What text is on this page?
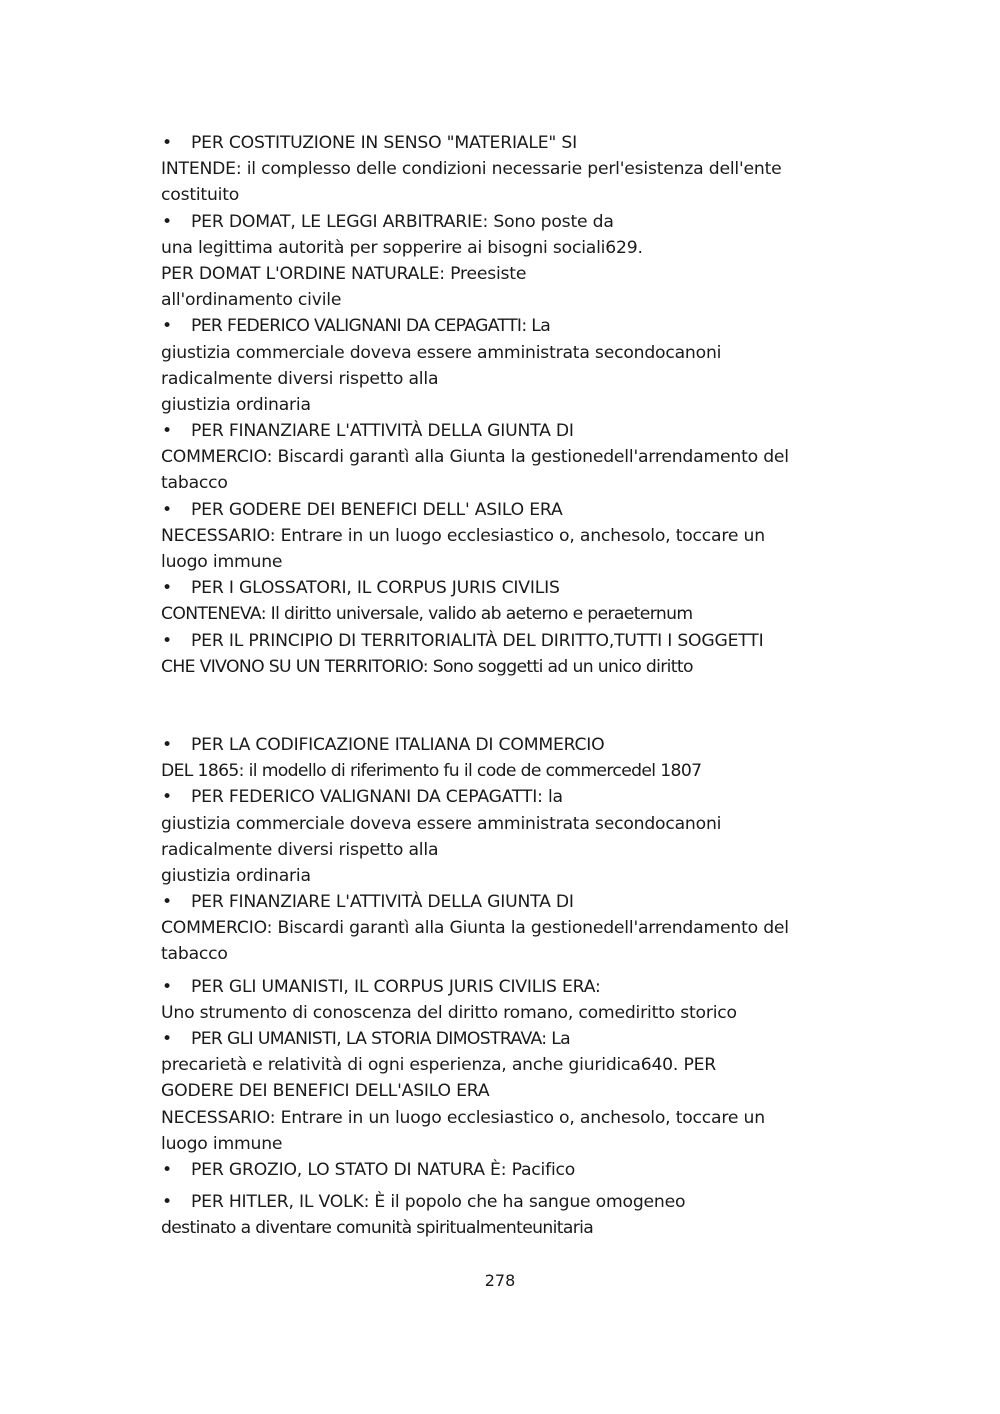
• PER COSTITUZIONE IN SENSO "MATERIALE" SI
INTENDE: il complesso delle condizioni necessarie perl'esistenza dell'ente
costituito
• PER DOMAT, LE LEGGI ARBITRARIE: Sono poste da
una legittima autorità per sopperire ai bisogni sociali629.
PER DOMAT L'ORDINE NATURALE: Preesiste
all'ordinamento civile
• PER FEDERICO VALIGNANI DA CEPAGATTI: La
giustizia commerciale doveva essere amministrata secondocanoni
radicalmente diversi rispetto alla
giustizia ordinaria
• PER FINANZIARE L'ATTIVITÀ DELLA GIUNTA DI
COMMERCIO: Biscardi garantì alla Giunta la gestionedell'arrendamento del
tabacco
• PER GODERE DEI BENEFICI DELL' ASILO ERA
NECESSARIO: Entrare in un luogo ecclesiastico o, anchesolo, toccare un
luogo immune
• PER I GLOSSATORI, IL CORPUS JURIS CIVILIS
CONTENEVA: Il diritto universale, valido ab aeterno e peraeternum
• PER IL PRINCIPIO DI TERRITORIALITÀ DEL DIRITTO,TUTTI I SOGGETTI
CHE VIVONO SU UN TERRITORIO: Sono soggetti ad un unico diritto
• PER LA CODIFICAZIONE ITALIANA DI COMMERCIO
DEL 1865: il modello di riferimento fu il code de commercedel 1807
• PER FEDERICO VALIGNANI DA CEPAGATTI: la
giustizia commerciale doveva essere amministrata secondocanoni
radicalmente diversi rispetto alla
giustizia ordinaria
• PER FINANZIARE L'ATTIVITÀ DELLA GIUNTA DI
COMMERCIO: Biscardi garantì alla Giunta la gestionedell'arrendamento del
tabacco
• PER GLI UMANISTI, IL CORPUS JURIS CIVILIS ERA:
Uno strumento di conoscenza del diritto romano, comediritto storico
• PER GLI UMANISTI, LA STORIA DIMOSTRAVA: La
precarietà e relatività di ogni esperienza, anche giuridica640. PER
GODERE DEI BENEFICI DELL'ASILO ERA
NECESSARIO: Entrare in un luogo ecclesiastico o, anchesolo, toccare un
luogo immune
• PER GROZIO, LO STATO DI NATURA È: Pacifico
• PER HITLER, IL VOLK: È il popolo che ha sangue omogeneo
destinato a diventare comunità spiritualmenteunitaria
278
